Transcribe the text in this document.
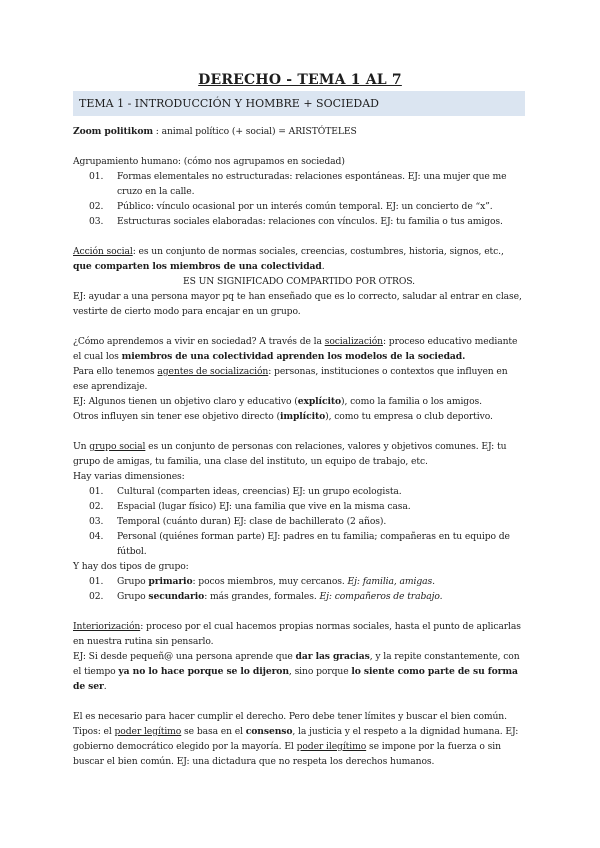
DERECHO - TEMA 1 AL 7
TEMA 1 - INTRODUCCIÓN Y HOMBRE + SOCIEDAD

Zoom politikom : animal político (+ social) = ARISTÓTELES

Agrupamiento humano: (cómo nos agrupamos en sociedad)

01. Formas elementales no estructuradas: relaciones espontáneas. EJ: una mujer que me cruzo en la calle.
02. Público: vínculo ocasional por un interés común temporal. EJ: un concierto de “x”.
03. Estructuras sociales elaboradas: relaciones con vínculos. EJ: tu familia o tus amigos.

Acción social: es un conjunto de normas sociales, creencias, costumbres, historia, signos, etc., que comparten los miembros de una colectividad.

ES UN SIGNIFICADO COMPARTIDO POR OTROS.

EJ: ayudar a una persona mayor pq te han enseñado que es lo correcto, saludar al entrar en clase, vestirte de cierto modo para encajar en un grupo.

¿Cómo aprendemos a vivir en sociedad? A través de la socialización: proceso educativo mediante el cual los miembros de una colectividad aprenden los modelos de la sociedad.

Para ello tenemos agentes de socialización: personas, instituciones o contextos que influyen en ese aprendizaje.

EJ: Algunos tienen un objetivo claro y educativo (explícito), como la familia o los amigos.

Otros influyen sin tener ese objetivo directo (implícito), como tu empresa o club deportivo.

Un grupo social es un conjunto de personas con relaciones, valores y objetivos comunes. EJ: tu grupo de amigas, tu familia, una clase del instituto, un equipo de trabajo, etc.

Hay varias dimensiones:

01. Cultural (comparten ideas, creencias) EJ: un grupo ecologista.
02. Espacial (lugar físico) EJ: una familia que vive en la misma casa.
03. Temporal (cuánto duran) EJ: clase de bachillerato (2 años).
04. Personal (quiénes forman parte) EJ: padres en tu familia; compañeras en tu equipo de fútbol.

Y hay dos tipos de grupo:

01. Grupo primario: pocos miembros, muy cercanos. Ej: familia, amigas.
02. Grupo secundario: más grandes, formales. Ej: compañeros de trabajo.

Interiorización: proceso por el cual hacemos propias normas sociales, hasta el punto de aplicarlas en nuestra rutina sin pensarlo.

EJ: Si desde pequeñ@ una persona aprende que dar las gracias, y la repite constantemente, con el tiempo ya no lo hace porque se lo dijeron, sino porque lo siente como parte de su forma de ser.

El es necesario para hacer cumplir el derecho. Pero debe tener límites y buscar el bien común.

Tipos: el poder legítimo se basa en el consenso, la justicia y el respeto a la dignidad humana. EJ: gobierno democrático elegido por la mayoría. El poder ilegítimo se impone por la fuerza o sin buscar el bien común. EJ: una dictadura que no respeta los derechos humanos.
